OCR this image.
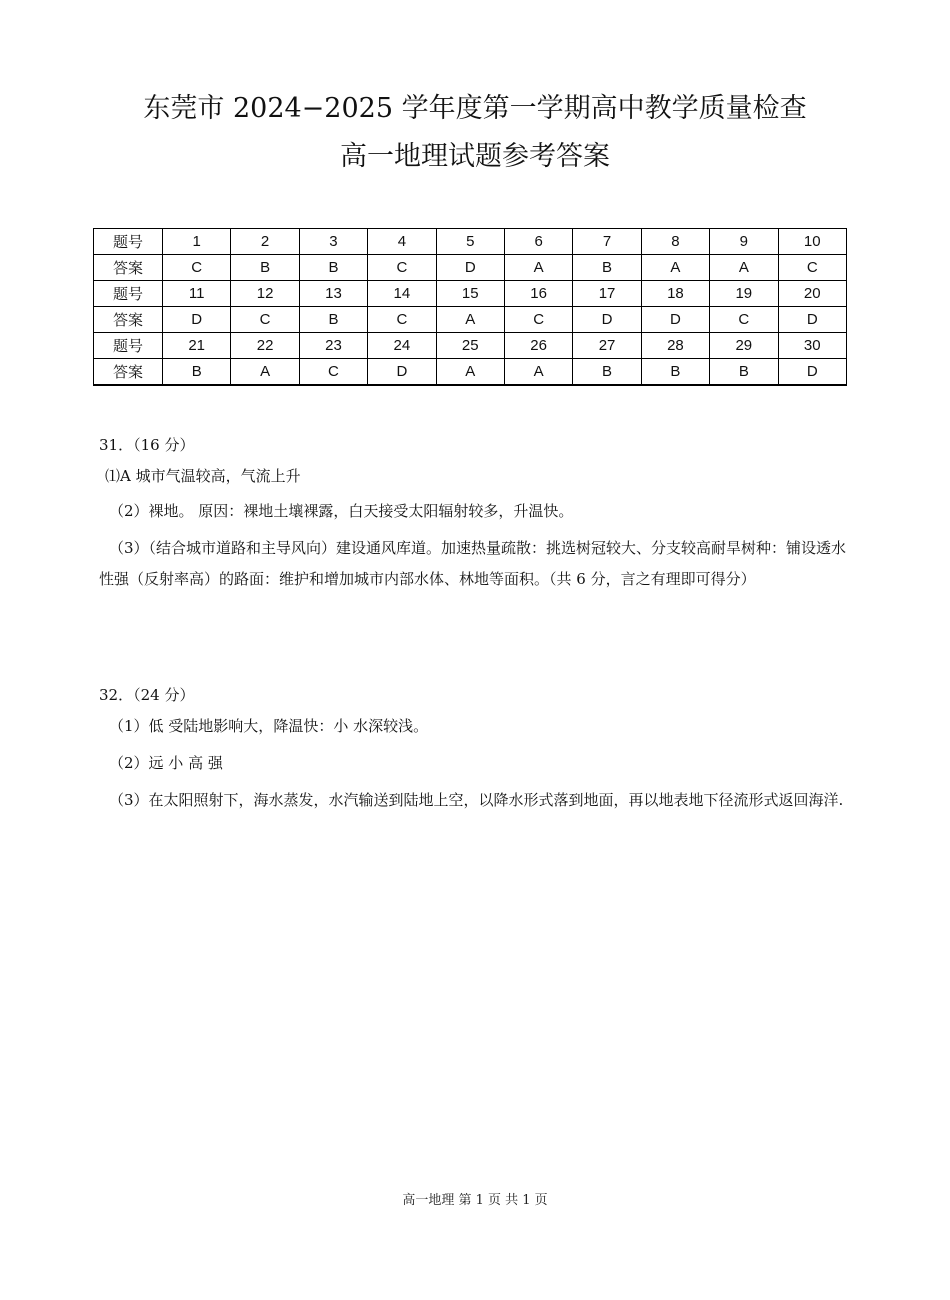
东莞市 2024−2025 学年度第一学期高中教学质量检查
高一地理试题参考答案
题号	1	2	3	4	5	6	7	8	9	10
答案	C	B	B	C	D	A	B	A	A	C
题号	11	12	13	14	15	16	17	18	19	20
答案	D	C	B	C	A	C	D	D	C	D
题号	21	22	23	24	25	26	27	28	29	30
答案	B	A	C	D	A	A	B	B	B	D
31．（16 分）
⑴A 城市气温较高，气流上升
（2）裸地。 原因：裸地土壤裸露，白天接受太阳辐射较多，升温快。
（3）（结合城市道路和主导风向）建设通风库道。加速热量疏散：挑选树冠较大、分支较高耐旱树种：铺设透水性强（反射率高）的路面：维护和增加城市内部水体、林地等面积。（共 6 分，言之有理即可得分）
32．（24 分）
（1）低 受陆地影响大，降温快：小 水深较浅。
（2）远 小 高 强
（3）在太阳照射下，海水蒸发，水汽输送到陆地上空，以降水形式落到地面，再以地表地下径流形式返回海洋.
高一地理 第 1 页 共 1 页
